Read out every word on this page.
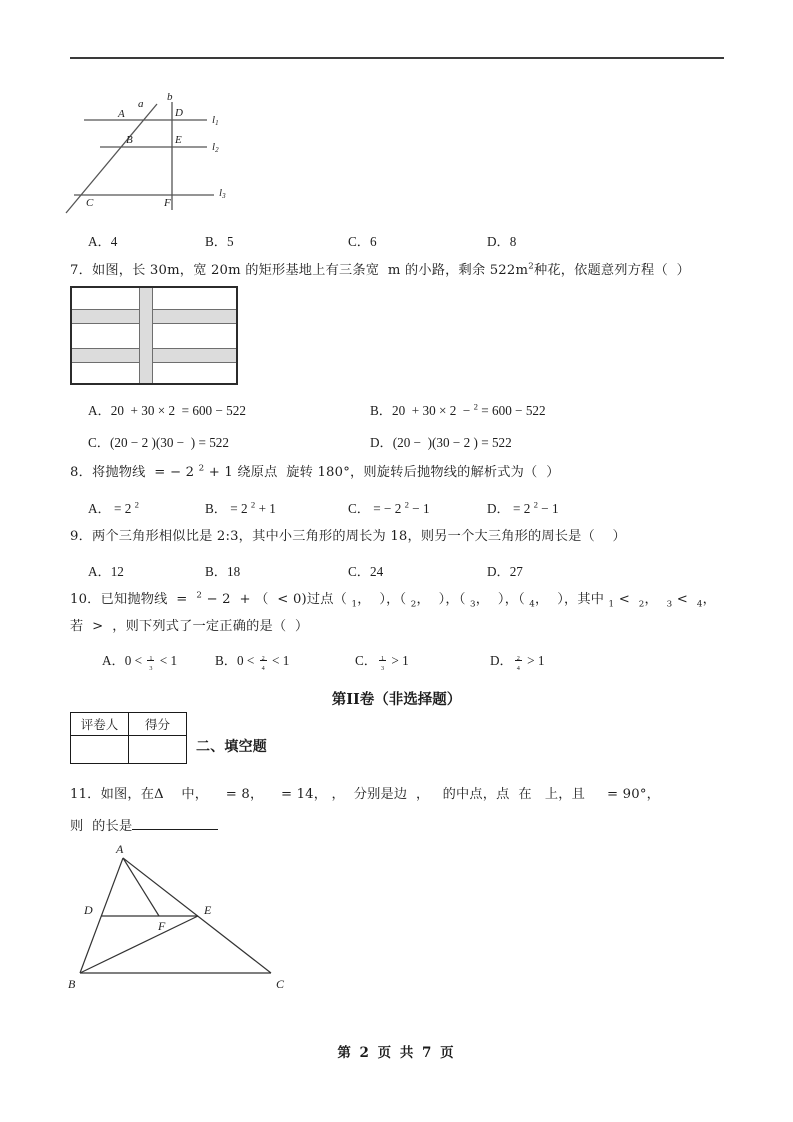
a
b
A	D
B	E
C	F
l1
l2
l3
A．4	B．5	C．6	D．8
7．如图，长 30m，宽 20m 的矩形基地上有三条宽  m 的小路，剩余 $522m^2$种花，依题意列方程（  ）
A．20  + 30 × 2  = 600 − 522	B．20  + 30 × 2  − $^2$ = 600 − 522
C．(20 − 2 )(30 −  ) = 522	D．(20 −  )(30 − 2 ) = 522
8．将抛物线  = − 2 $^2$ + 1 绕原点  旋转 180°，则旋转后抛物线的解析式为（  ）
A． = 2 $^2$	B． = 2 $^2$ + 1	C． = − 2 $^2$ − 1	D． = 2 $^2$ − 1
9．两个三角形相似比是 2:3，其中小三角形的周长为 18，则另一个大三角形的周长是（    ）
A．12	B．18	C．24	D．27
10．已知抛物线  =  $^2$ − 2  + （  < 0)过点（ $_1$，  ），（ $_2$，  ），（ $_3$，  ），（ $_4$，  ），其中 $_1$ <  $_2$，  $_3$ <  $_4$，
若  >  ，则下列式了一定正确的是（  ）
A．$0 < \frac{_1}{_3} < 1$	B．$0 < \frac{_2}{_4} < 1$	C． $\frac{_1}{_3} > 1$	D． $\frac{_2}{_4} > 1$
第II卷（非选择题）
评卷人	得分

二、填空题
11．如图，在Δ    中，    = 8，    = 14， ，  分别是边  ，   的中点，点  在   上，且     = 90°，
则  的长是
A
B	C
D	E
F
第 2 页 共 7 页
